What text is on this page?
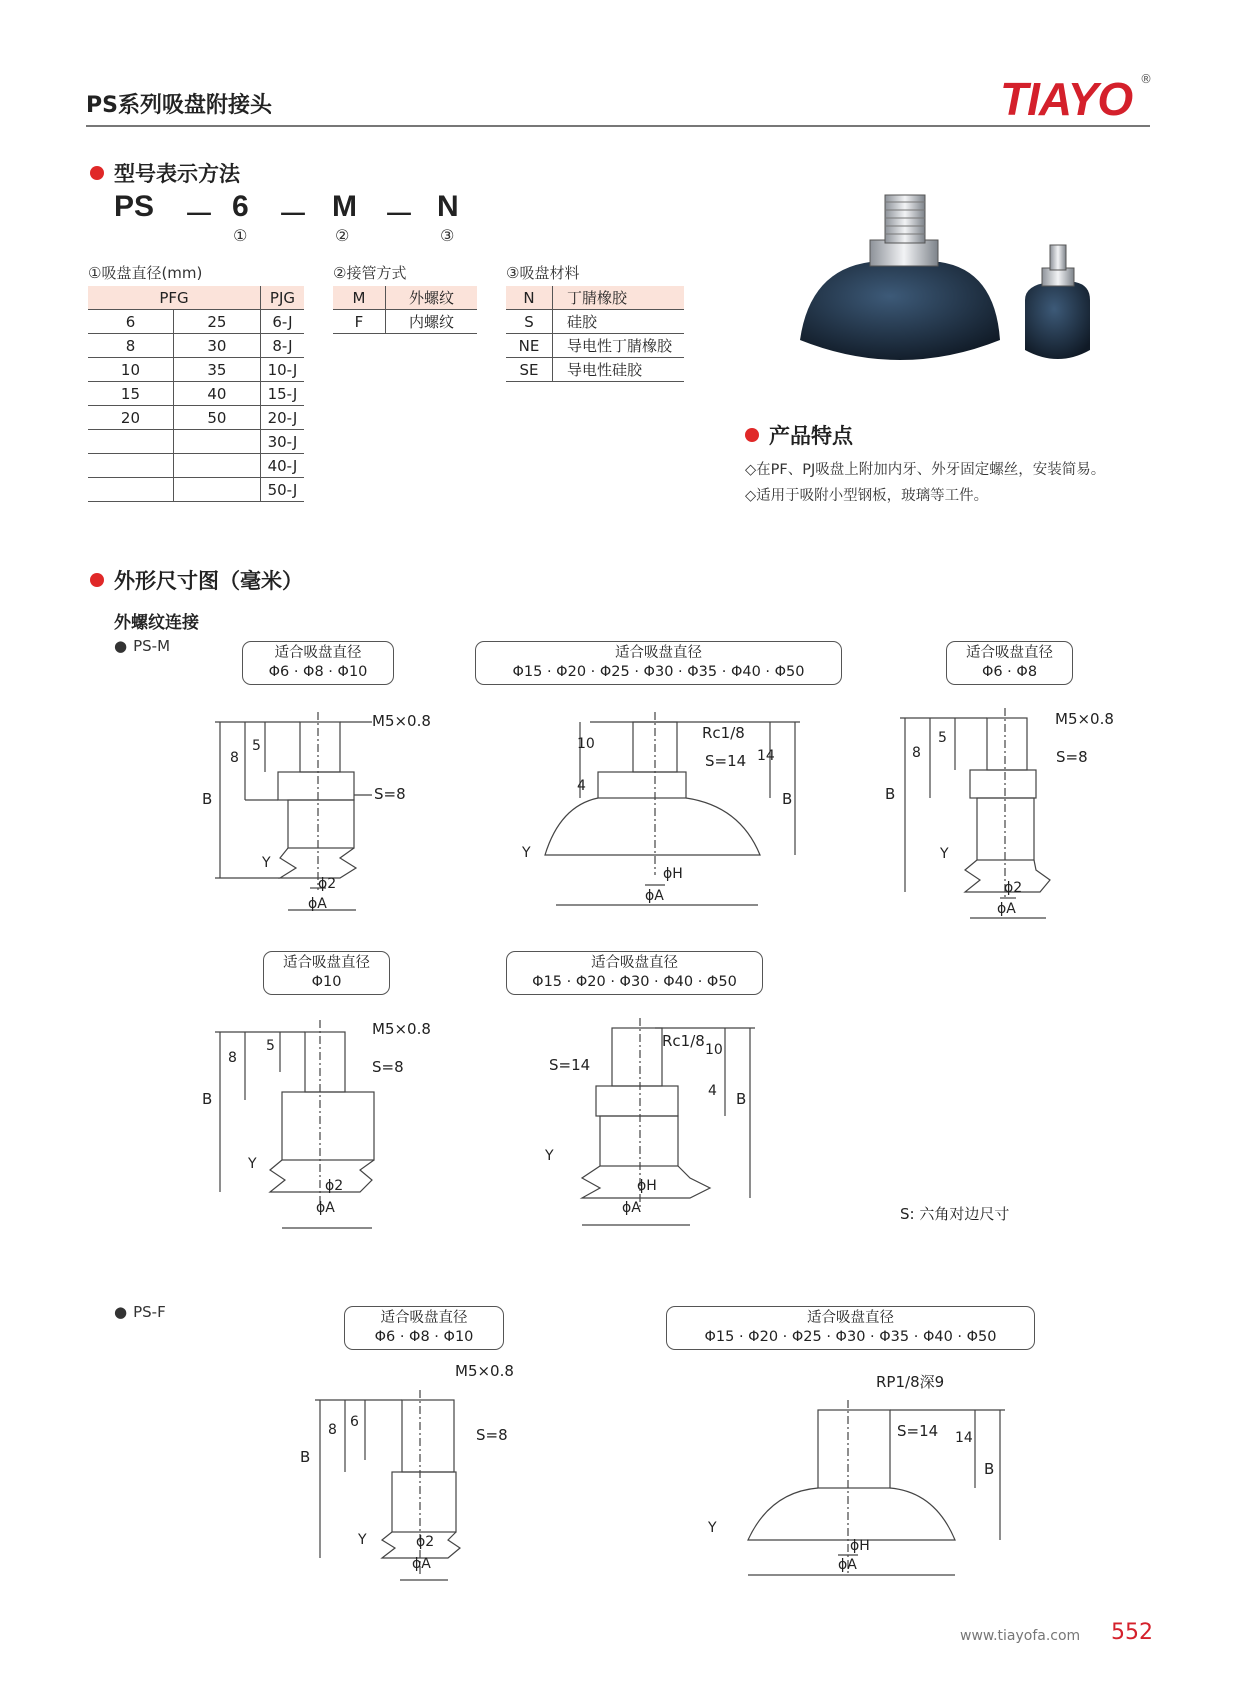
PS系列吸盘附接头	TIAYO ®
型号表示方法
PS － 6 － M － N
①	②	③
①吸盘直径(mm)
PFG		PJG
6	25	6-J
8	30	8-J
10	35	10-J
15	40	15-J
20	50	20-J
		30-J
		40-J
		50-J
②接管方式
M	外螺纹
F	内螺纹
③吸盘材料
N	丁腈橡胶
S	硅胶
NE	导电性丁腈橡胶
SE	导电性硅胶
产品特点
◇在PF、PJ吸盘上附加内牙、外牙固定螺丝，安装简易。
◇适用于吸附小型钢板，玻璃等工件。
外形尺寸图（毫米）
外螺纹连接
● PS-M
● PS-F
适合吸盘直径
Φ6 · Φ8 · Φ10
适合吸盘直径
Φ15 · Φ20 · Φ25 · Φ30 · Φ35 · Φ40 · Φ50
适合吸盘直径
Φ6 · Φ8
适合吸盘直径
Φ10
适合吸盘直径
Φ15 · Φ20 · Φ30 · Φ40 · Φ50
适合吸盘直径
Φ6 · Φ8 · Φ10
适合吸盘直径
Φ15 · Φ20 · Φ25 · Φ30 · Φ35 · Φ40 · Φ50
M5×0.8
S=8
B
8
5
Y
ϕ2
ϕA
Rc1/8
S=14
10
4
14
B
Y
ϕH
ϕA
M5×0.8
S=8
B
8
5
Y
ϕ2
ϕA
M5×0.8
S=8
B
8
5
Y
ϕ2
ϕA
Rc1/8
S=14
10
4 B
Y
ϕH
ϕA	S: 六角对边尺寸
M5×0.8
S=8
B
8 6
Y	ϕ2
ϕA
RP1/8深9
S=14 14
B
Y
ϕH
ϕA
www.tiayofa.com 552
